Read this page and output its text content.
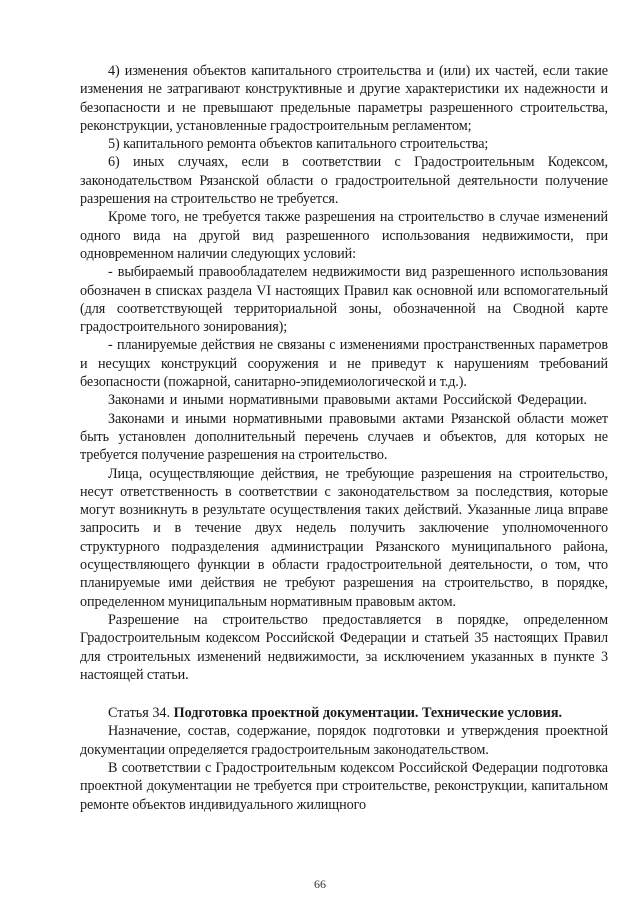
4) изменения объектов капитального строительства и (или) их частей, если такие изменения не затрагивают конструктивные и другие характеристики их надежности и безопасности и не превышают предельные параметры разрешенного строительства, реконструкции, установленные градостроительным регламентом;

5) капитального ремонта объектов капитального строительства;

6) иных случаях, если в соответствии с Градостроительным Кодексом, законодательством Рязанской области о градостроительной деятельности получение разрешения на строительство не требуется.

Кроме того, не требуется также разрешения на строительство в случае изменений одного вида на другой вид разрешенного использования недвижимости, при одновременном наличии следующих условий:

- выбираемый правообладателем недвижимости вид разрешенного использования обозначен в списках раздела VI настоящих Правил как основной или вспомогательный (для соответствующей территориальной зоны, обозначенной на Сводной карте градостроительного зонирования);

- планируемые действия не связаны с изменениями пространственных параметров и несущих конструкций сооружения и не приведут к нарушениям требований безопасности (пожарной, санитарно-эпидемиологической и т.д.).

Законами и иными нормативными правовыми актами Российской Федерации.

Законами и иными нормативными правовыми актами Рязанской области может быть установлен дополнительный перечень случаев и объектов, для которых не требуется получение разрешения на строительство.

Лица, осуществляющие действия, не требующие разрешения на строительство, несут ответственность в соответствии с законодательством за последствия, которые могут возникнуть в результате осуществления таких действий. Указанные лица вправе запросить и в течение двух недель получить заключение уполномоченного структурного подразделения администрации Рязанского муниципального района, осуществляющего функции в области градостроительной деятельности, о том, что планируемые ими действия не требуют разрешения на строительство, в порядке, определенном муниципальным нормативным правовым актом.

Разрешение на строительство предоставляется в порядке, определенном Градостроительным кодексом Российской Федерации и статьей 35 настоящих Правил для строительных изменений недвижимости, за исключением указанных в пункте 3 настоящей статьи.

Статья 34. Подготовка проектной документации. Технические условия.

Назначение, состав, содержание, порядок подготовки и утверждения проектной документации определяется градостроительным законодательством.

В соответствии с Градостроительным кодексом Российской Федерации подготовка проектной документации не требуется при строительстве, реконструкции, капитальном ремонте объектов индивидуального жилищного

66
